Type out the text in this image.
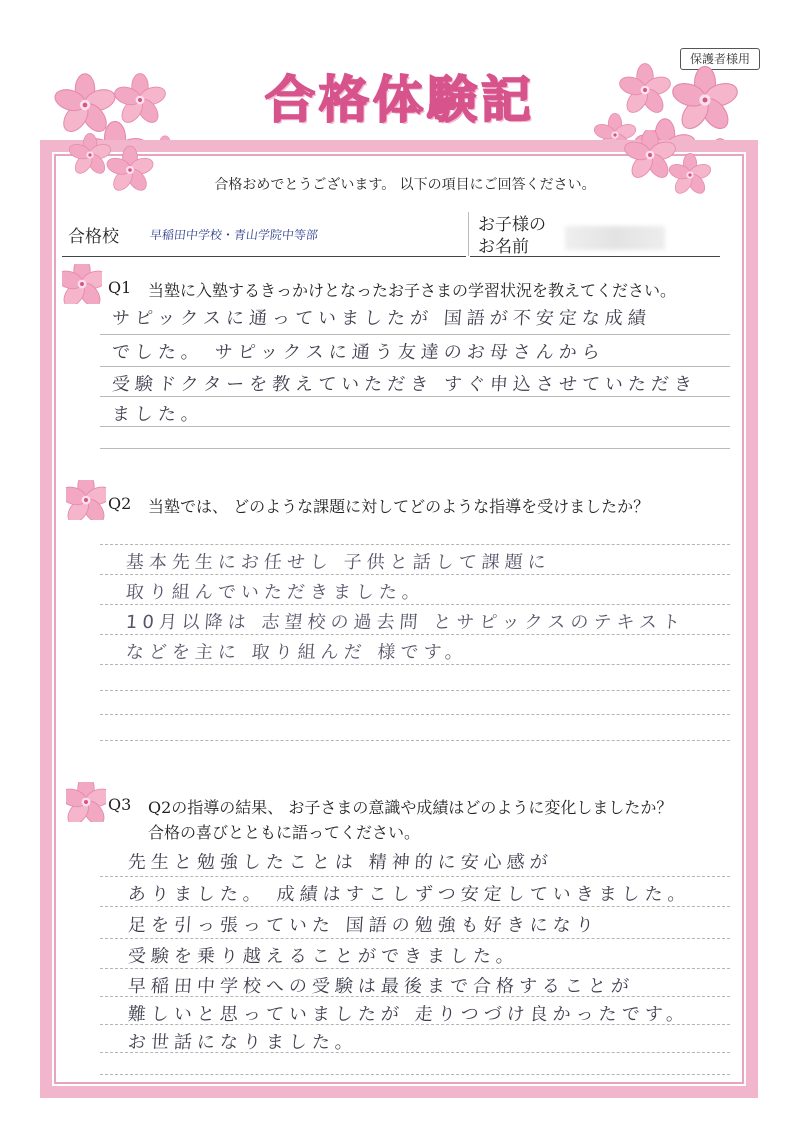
保護者様用
合格体験記
合格おめでとうございます。 以下の項目にご回答ください。
合格校	早稲田中学校・青山学院中等部	お子様の
お名前
Q1 当塾に入塾するきっかけとなったお子さまの学習状況を教えてください。
サピックスに通っていましたが 国語が不安定な成績
でした。 サピックスに通う友達のお母さんから
受験ドクターを教えていただき すぐ申込させていただき
ました。
Q2 当塾では、 どのような課題に対してどのような指導を受けましたか？
基本先生にお任せし 子供と話して課題に
取り組んでいただきました。
10月以降は 志望校の過去問 とサピックスのテキスト
などを主に 取り組んだ 様です。
Q3 Q2の指導の結果、 お子さまの意識や成績はどのように変化しましたか？
合格の喜びとともに語ってください。
先生と勉強したことは 精神的に安心感が
ありました。 成績はすこしずつ安定していきました。
足を引っ張っていた 国語の勉強も好きになり
受験を乗り越えることができました。
早稲田中学校への受験は最後まで合格することが
難しいと思っていましたが 走りつづけ良かったです。
お世話になりました。
